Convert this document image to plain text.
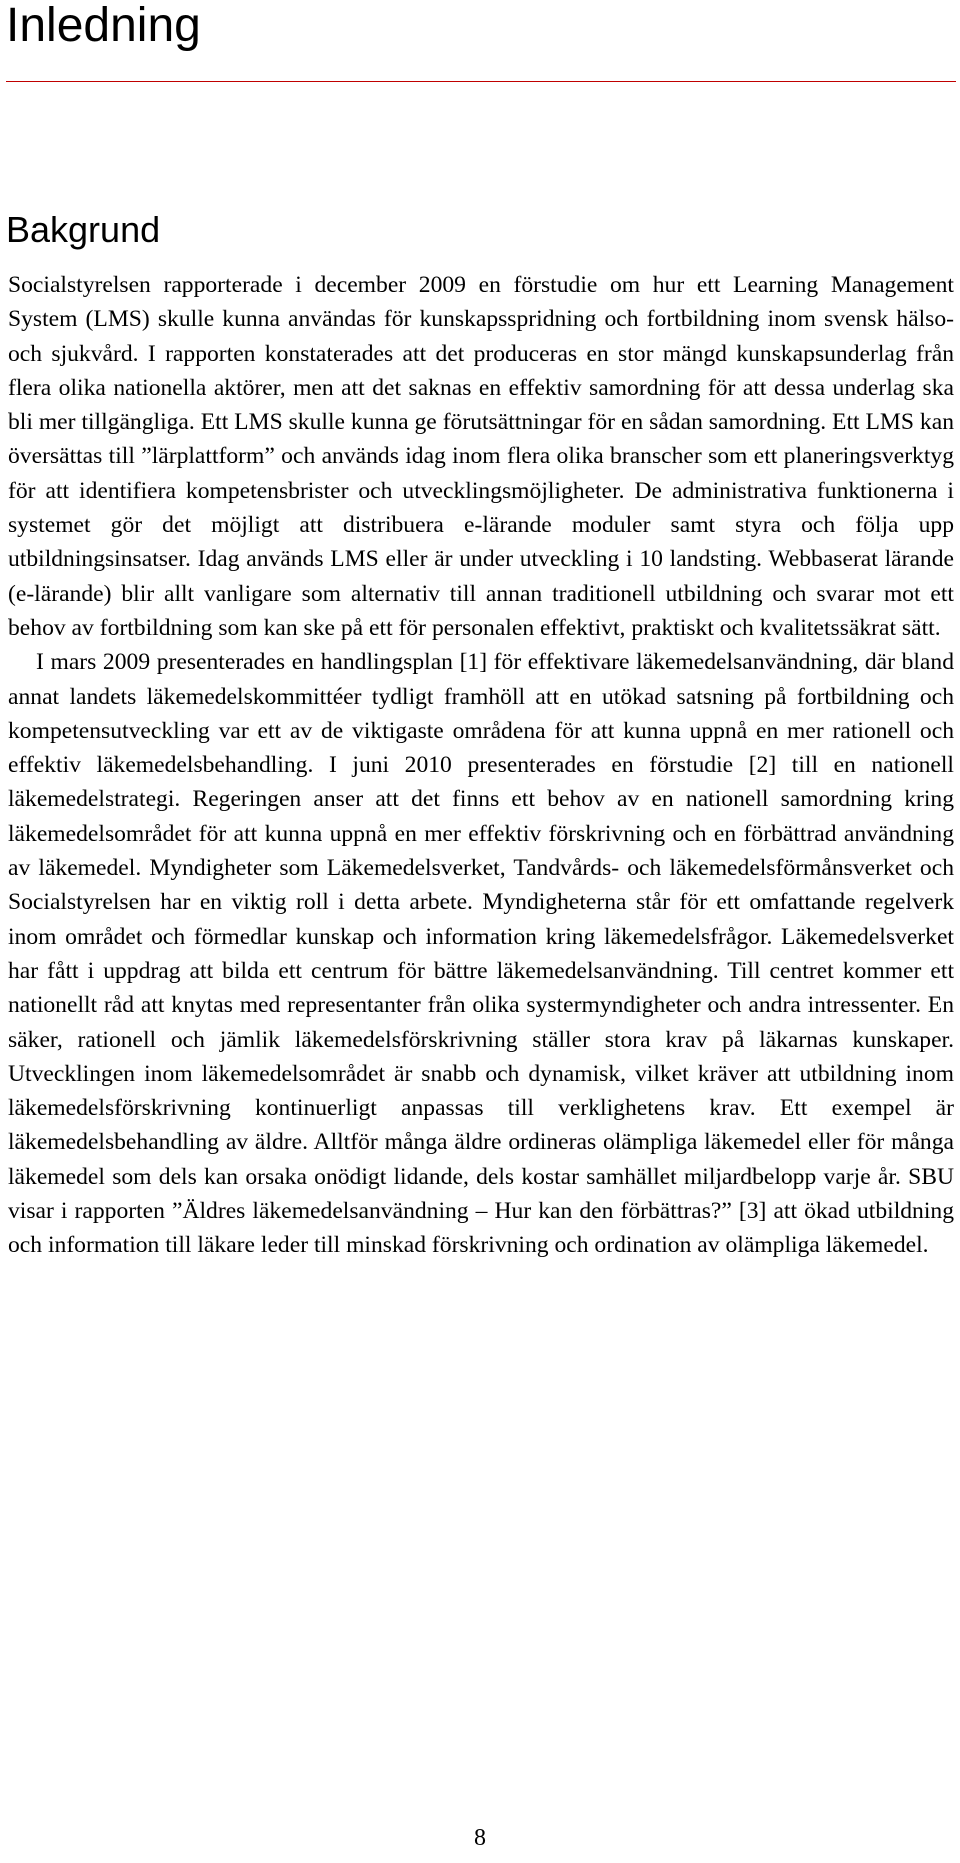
Inledning
Bakgrund

Socialstyrelsen rapporterade i december 2009 en förstudie om hur ett Learning Management System (LMS) skulle kunna användas för kunskapsspridning och fortbildning inom svensk hälso- och sjukvård. I rapporten konstaterades att det produceras en stor mängd kunskapsunderlag från flera olika nationella aktörer, men att det saknas en effektiv samordning för att dessa underlag ska bli mer tillgängliga. Ett LMS skulle kunna ge förutsättningar för en sådan samordning. Ett LMS kan översättas till ”lärplattform” och används idag inom flera olika branscher som ett planeringsverktyg för att identifiera kompetensbrister och utvecklingsmöjligheter. De administrativa funktionerna i systemet gör det möjligt att distribuera e-lärande moduler samt styra och följa upp utbildningsinsatser. Idag används LMS eller är under utveckling i 10 landsting. Webbaserat lärande (e-lärande) blir allt vanligare som alternativ till annan traditionell utbildning och svarar mot ett behov av fortbildning som kan ske på ett för personalen effektivt, praktiskt och kvalitetssäkrat sätt.

I mars 2009 presenterades en handlingsplan [1] för effektivare läkemedelsanvändning, där bland annat landets läkemedelskommittéer tydligt framhöll att en utökad satsning på fortbildning och kompetensutveckling var ett av de viktigaste områdena för att kunna uppnå en mer rationell och effektiv läkemedelsbehandling. I juni 2010 presenterades en förstudie [2] till en nationell läkemedelstrategi. Regeringen anser att det finns ett behov av en nationell samordning kring läkemedelsområdet för att kunna uppnå en mer effektiv förskrivning och en förbättrad användning av läkemedel. Myndigheter som Läkemedelsverket, Tandvårds- och läkemedelsförmånsverket och Socialstyrelsen har en viktig roll i detta arbete. Myndigheterna står för ett omfattande regelverk inom området och förmedlar kunskap och information kring läkemedelsfrågor. Läkemedelsverket har fått i uppdrag att bilda ett centrum för bättre läkemedelsanvändning. Till centret kommer ett nationellt råd att knytas med representanter från olika systermyndigheter och andra intressenter. En säker, rationell och jämlik läkemedelsförskrivning ställer stora krav på läkarnas kunskaper. Utvecklingen inom läkemedelsområdet är snabb och dynamisk, vilket kräver att utbildning inom läkemedelsförskrivning kontinuerligt anpassas till verklighetens krav. Ett exempel är läkemedelsbehandling av äldre. Alltför många äldre ordineras olämpliga läkemedel eller för många läkemedel som dels kan orsaka onödigt lidande, dels kostar samhället miljardbelopp varje år. SBU visar i rapporten ”Äldres läkemedelsanvändning – Hur kan den förbättras?” [3] att ökad utbildning och information till läkare leder till minskad förskrivning och ordination av olämpliga läkemedel.

8
